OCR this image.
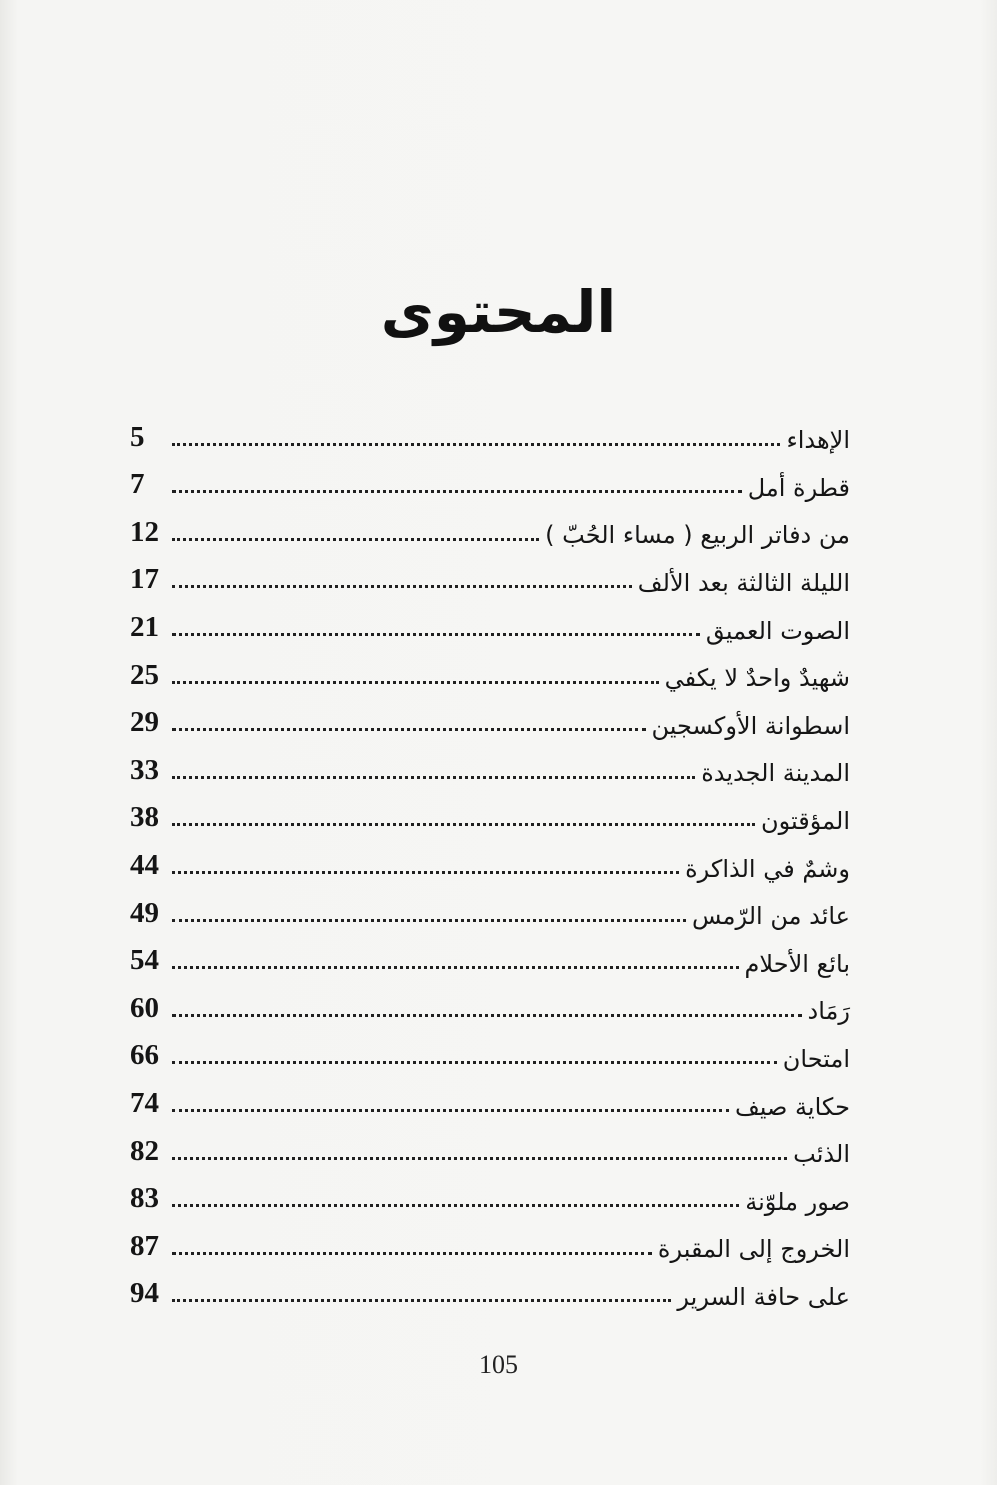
المحتوى
5	الإهداء
7	قطرة أمل
12	من دفاتر الربيع ( مساء الحُبّ )
17	الليلة الثالثة بعد الألف
21	الصوت العميق
25	شهيدٌ واحدٌ لا يكفي
29	اسطوانة الأوكسجين
33	المدينة الجديدة
38	المؤقتون
44	وشمٌ في الذاكرة
49	عائد من الرّمس
54	بائع الأحلام
60	رَمَاد
66	امتحان
74	حكاية صيف
82	الذئب
83	صور ملوّنة
87	الخروج إلى المقبرة
94	على حافة السرير
105
